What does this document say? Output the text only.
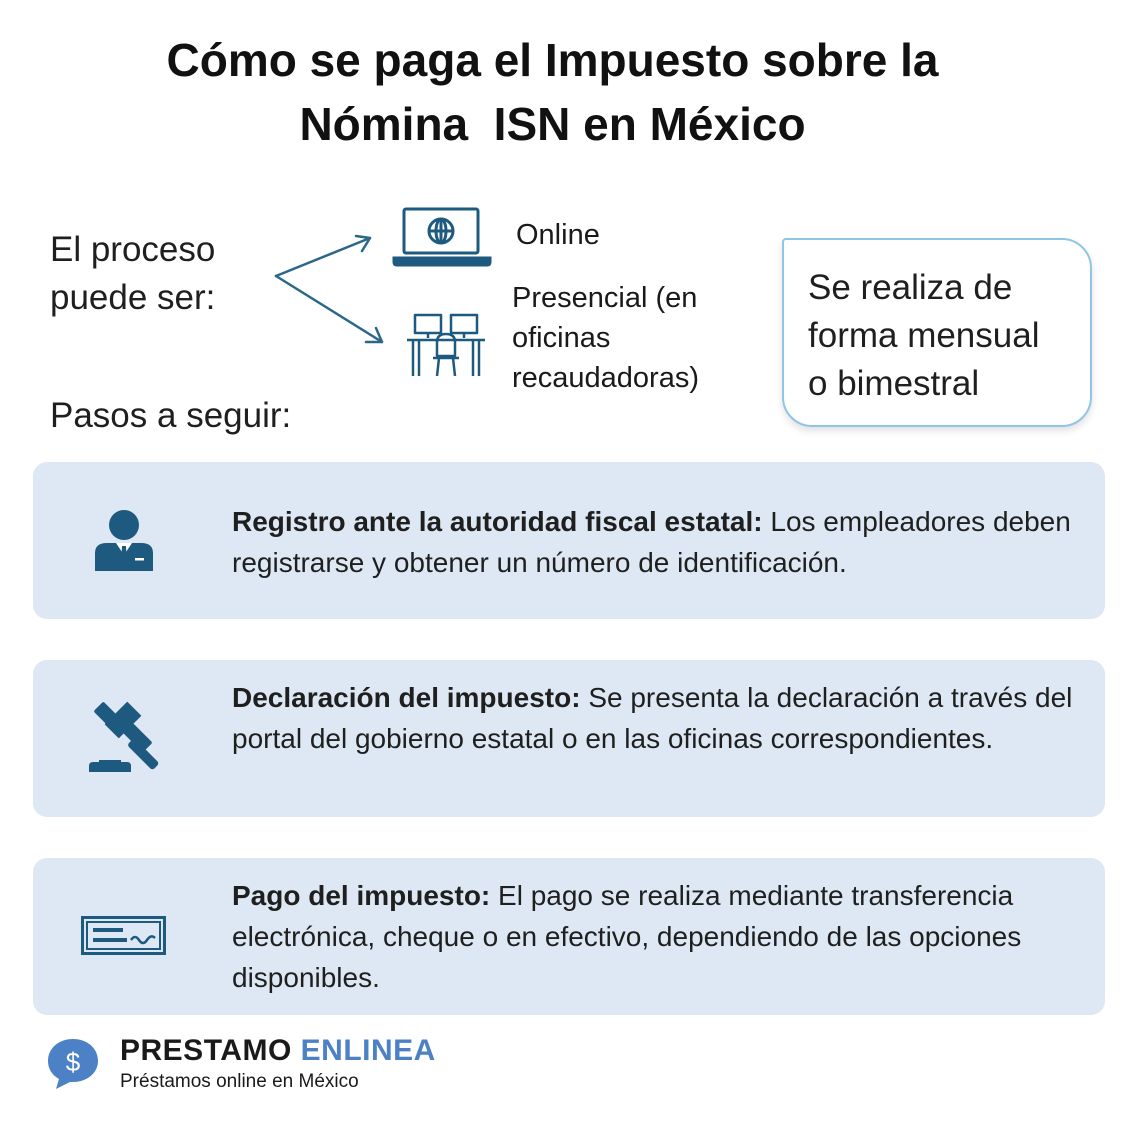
Cómo se paga el Impuesto sobre la
Nómina  ISN en México
El proceso
puede ser:
Online
Presencial (en
oficinas
recaudadoras)
Se realiza de
forma mensual
o bimestral
Pasos a seguir:
Registro ante la autoridad fiscal estatal: Los empleadores deben registrarse y obtener un número de identificación.
Declaración del impuesto: Se presenta la declaración a través del portal del gobierno estatal o en las oficinas correspondientes.
Pago del impuesto: El pago se realiza mediante transferencia electrónica, cheque o en efectivo, dependiendo de las opciones disponibles.
$ PRESTAMO ENLINEA
Préstamos online en México
